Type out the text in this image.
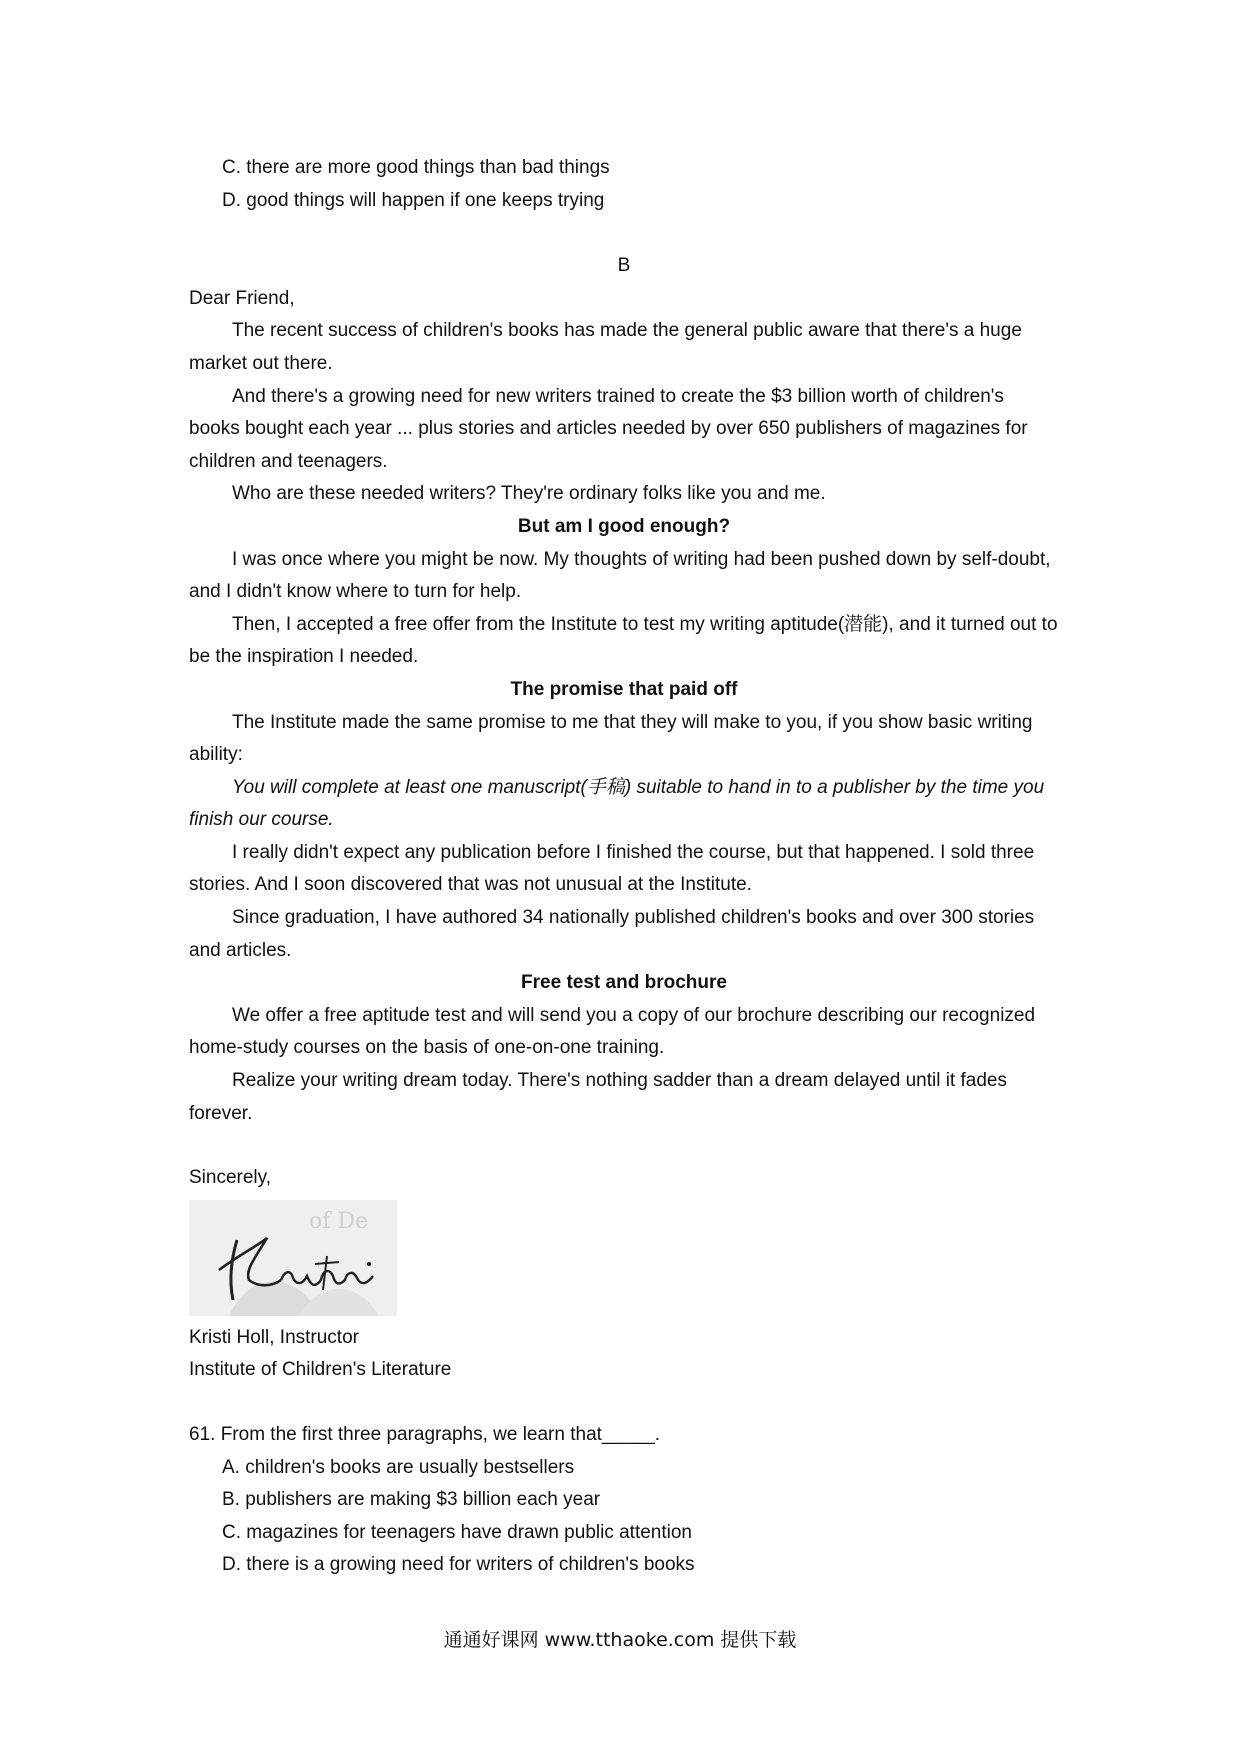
C. there are more good things than bad things
D. good things will happen if one keeps trying
B
Dear Friend,
The recent success of children's books has made the general public aware that there's a huge market out there.
And there's a growing need for new writers trained to create the $3 billion worth of children's books bought each year ... plus stories and articles needed by over 650 publishers of magazines for children and teenagers.
Who are these needed writers? They're ordinary folks like you and me.
But am I good enough?
I was once where you might be now. My thoughts of writing had been pushed down by self-doubt, and I didn't know where to turn for help.
Then, I accepted a free offer from the Institute to test my writing aptitude(潜能), and it turned out to be the inspiration I needed.
The promise that paid off
The Institute made the same promise to me that they will make to you, if you show basic writing ability:
You will complete at least one manuscript(手稿) suitable to hand in to a publisher by the time you finish our course.
I really didn't expect any publication before I finished the course, but that happened. I sold three stories. And I soon discovered that was not unusual at the Institute.
Since graduation, I have authored 34 nationally published children's books and over 300 stories and articles.
Free test and brochure
We offer a free aptitude test and will send you a copy of our brochure describing our recognized home-study courses on the basis of one-on-one training.
Realize your writing dream today. There's nothing sadder than a dream delayed until it fades forever.
Sincerely,
of De
Kristi Holl, Instructor
Institute of Children's Literature
61. From the first three paragraphs, we learn that_____.
A. children's books are usually bestsellers
B. publishers are making $3 billion each year
C. magazines for teenagers have drawn public attention
D. there is a growing need for writers of children's books
通通好课网 www.tthaoke.com 提供下载
